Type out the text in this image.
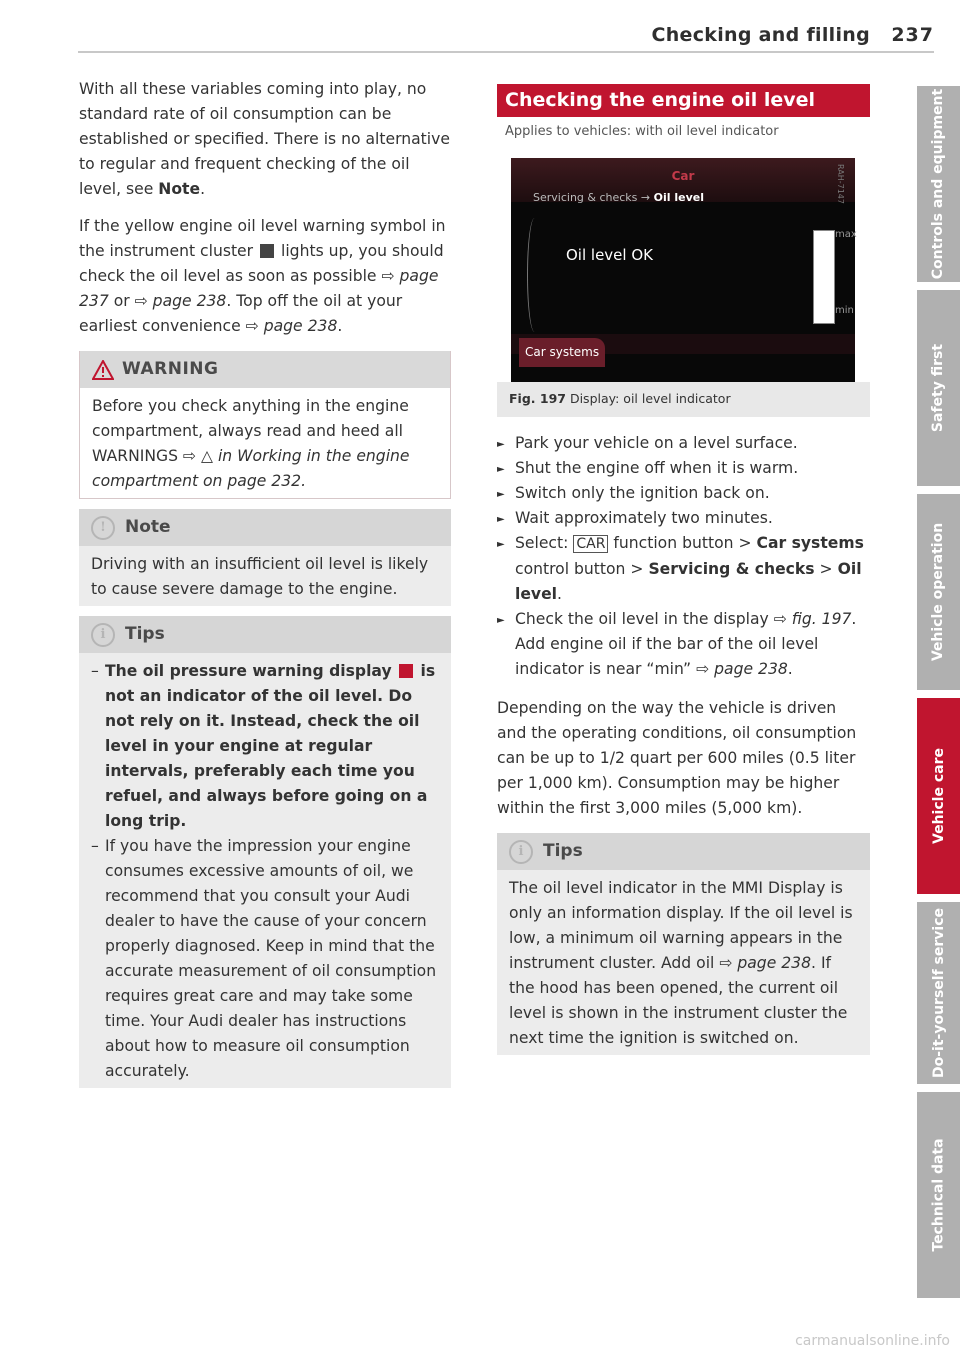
Checking and filling	237

With all these variables coming into play, no standard rate of oil consumption can be established or specified. There is no alternative to regular and frequent checking of the oil level, see Note.

If the yellow engine oil level warning symbol in the instrument cluster lights up, you should check the oil level as soon as possible ⇨ page 237 or ⇨ page 238. Top off the oil at your earliest convenience ⇨ page 238.

WARNING
Before you check anything in the engine compartment, always read and heed all WARNINGS ⇨ △ in Working in the engine compartment on page 232.
!	Note
Driving with an insufficient oil level is likely to cause severe damage to the engine.
i	Tips
– The oil pressure warning display is not an indicator of the oil level. Do not rely on it. Instead, check the oil level in your engine at regular intervals, preferably each time you refuel, and always before going on a long trip.
– If you have the impression your engine consumes excessive amounts of oil, we recommend that you consult your Audi dealer to have the cause of your concern properly diagnosed. Keep in mind that the accurate measurement of oil consumption requires great care and may take some time. Your Audi dealer has instructions about how to measure oil consumption accurately.
Checking the engine oil level
Applies to vehicles: with oil level indicator
Car
Servicing & checks → Oil level	RAH-7147
Oil level OK
max
min
Car systems
Fig. 197 Display: oil level indicator
► Park your vehicle on a level surface.
► Shut the engine off when it is warm.
► Switch only the ignition back on.
► Wait approximately two minutes.
► Select: CAR function button > Car systems control button > Servicing & checks > Oil level.
► Check the oil level in the display ⇨ fig. 197. Add engine oil if the bar of the oil level indicator is near “min” ⇨ page 238.

Depending on the way the vehicle is driven and the operating conditions, oil consumption can be up to 1/2 quart per 600 miles (0.5 liter per 1,000 km). Consumption may be higher within the first 3,000 miles (5,000 km).

i	Tips
The oil level indicator in the MMI Display is only an information display. If the oil level is low, a minimum oil warning appears in the instrument cluster. Add oil ⇨ page 238. If the hood has been opened, the current oil level is shown in the instrument cluster the next time the ignition is switched on.
Controls and equipment
Safety first
Vehicle operation
Vehicle care
Do-it-yourself service
Technical data
carmanualsonline.info
